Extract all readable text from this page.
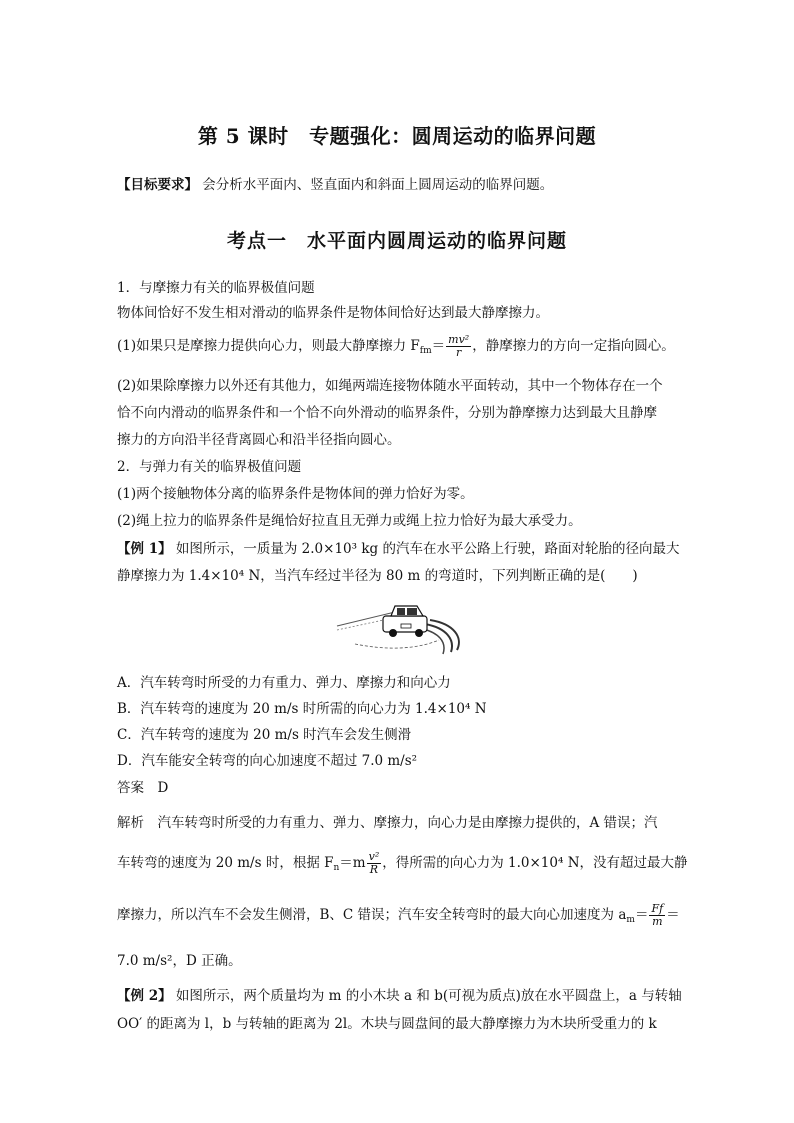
第 5 课时　专题强化：圆周运动的临界问题
【目标要求】 会分析水平面内、竖直面内和斜面上圆周运动的临界问题。
考点一　水平面内圆周运动的临界问题
1．与摩擦力有关的临界极值问题
物体间恰好不发生相对滑动的临界条件是物体间恰好达到最大静摩擦力。
(1)如果只是摩擦力提供向心力，则最大静摩擦力 $F_{fm}= \frac{\text{mv²}}{r}$ ，静摩擦力的方向一定指向圆心。
(2)如果除摩擦力以外还有其他力，如绳两端连接物体随水平面转动，其中一个物体存在一个
恰不向内滑动的临界条件和一个恰不向外滑动的临界条件，分别为静摩擦力达到最大且静摩
擦力的方向沿半径背离圆心和沿半径指向圆心。
2．与弹力有关的临界极值问题
(1)两个接触物体分离的临界条件是物体间的弹力恰好为零。
(2)绳上拉力的临界条件是绳恰好拉直且无弹力或绳上拉力恰好为最大承受力。
【例 1】 如图所示，一质量为 2.0×10³ kg 的汽车在水平公路上行驶，路面对轮胎的径向最大
静摩擦力为 1.4×10⁴ N，当汽车经过半径为 80 m 的弯道时，下列判断正确的是(　　)
A．汽车转弯时所受的力有重力、弹力、摩擦力和向心力
B．汽车转弯的速度为 20 m/s 时所需的向心力为 1.4×10⁴ N
C．汽车转弯的速度为 20 m/s 时汽车会发生侧滑
D．汽车能安全转弯的向心加速度不超过 7.0 m/s²
答案　 D
解析　 汽车转弯时所受的力有重力、弹力、摩擦力，向心力是由摩擦力提供的，A 错误；汽
车转弯的速度为 20 m/s 时，根据 $F_n=m \frac{\text{v²}}{R}$ ，得所需的向心力为 1.0×10⁴ N，没有超过最大静
摩擦力，所以汽车不会发生侧滑，B、C 错误；汽车安全转弯时的最大向心加速度为 $a_m= \frac{Ff}{m}$ ＝
7.0 m/s²，D 正确。
【例 2】 如图所示，两个质量均为 m 的小木块 a 和 b(可视为质点)放在水平圆盘上，a 与转轴
OO′ 的距离为 l，b 与转轴的距离为 2l。木块与圆盘间的最大静摩擦力为木块所受重力的 k
